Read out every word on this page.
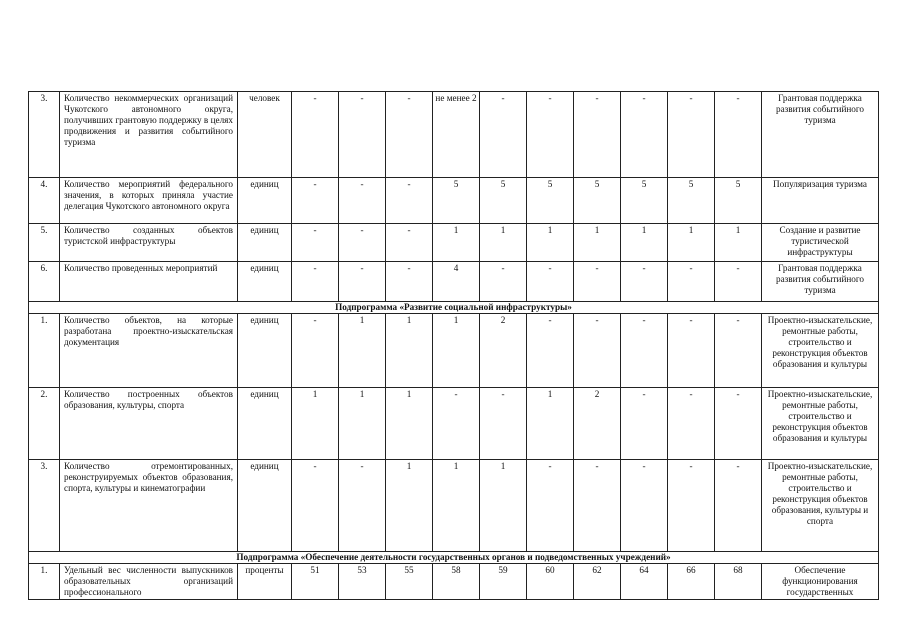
3.	Количество некоммерческих организаций Чукотского автономного округа, получивших грантовую поддержку в целях продвижения и развития событийного туризма	человек	-	-	-	не менее 2	-	-	-	-	-	-	Грантовая поддержка развития событийного туризма
4.	Количество мероприятий федерального значения, в которых приняла участие делегация Чукотского автономного округа	единиц	-	-	-	5	5	5	5	5	5	5	Популяризация туризма
5.	Количество созданных объектов туристской инфраструктуры	единиц	-	-	-	1	1	1	1	1	1	1	Создание и развитие туристической инфраструктуры
6.	Количество проведенных мероприятий	единиц	-	-	-	4	-	-	-	-	-	-	Грантовая поддержка развития событийного туризма
Подпрограмма «Развитие социальной инфраструктуры»													
1.	Количество объектов, на которые разработана проектно-изыскательская документация	единиц	-	1	1	1	2	-	-	-	-	-	Проектно-изыскательские, ремонтные работы, строительство и реконструкция объектов образования и культуры
2.	Количество построенных объектов образования, культуры, спорта	единиц	1	1	1	-	-	1	2	-	-	-	Проектно-изыскательские, ремонтные работы, строительство и реконструкция объектов образования и культуры
3.	Количество отремонтированных, реконструируемых объектов образования, спорта, культуры и кинематографии	единиц	-	-	1	1	1	-	-	-	-	-	Проектно-изыскательские, ремонтные работы, строительство и реконструкция объектов образования, культуры и спорта
Подпрограмма «Обеспечение деятельности государственных органов и подведомственных учреждений»													
1.	Удельный вес численности выпускников образовательных организаций профессионального	проценты	51	53	55	58	59	60	62	64	66	68	Обеспечение функционирования государственных
